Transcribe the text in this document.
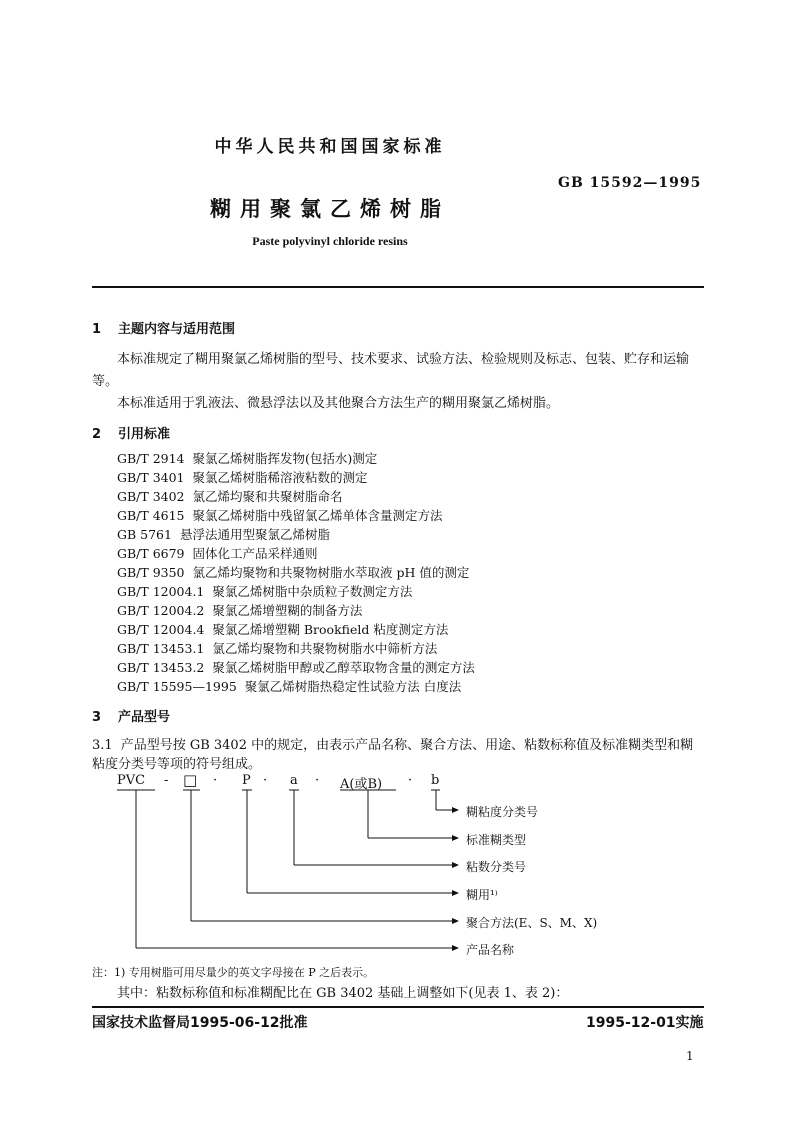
中华人民共和国国家标准
GB 15592—1995
糊用聚氯乙烯树脂
Paste polyvinyl chloride resins
1 主题内容与适用范围
本标准规定了糊用聚氯乙烯树脂的型号、技术要求、试验方法、检验规则及标志、包装、贮存和运输
等。
本标准适用于乳液法、微悬浮法以及其他聚合方法生产的糊用聚氯乙烯树脂。
2 引用标准
GB/T 2914 聚氯乙烯树脂挥发物(包括水)测定
GB/T 3401 聚氯乙烯树脂稀溶液粘数的测定
GB/T 3402 氯乙烯均聚和共聚树脂命名
GB/T 4615 聚氯乙烯树脂中残留氯乙烯单体含量测定方法
GB 5761 悬浮法通用型聚氯乙烯树脂
GB/T 6679 固体化工产品采样通则
GB/T 9350 氯乙烯均聚物和共聚物树脂水萃取液 pH 值的测定
GB/T 12004.1 聚氯乙烯树脂中杂质粒子数测定方法
GB/T 12004.2 聚氯乙烯增塑糊的制备方法
GB/T 12004.4 聚氯乙烯增塑糊 Brookfield 粘度测定方法
GB/T 13453.1 氯乙烯均聚物和共聚物树脂水中筛析方法
GB/T 13453.2 聚氯乙烯树脂甲醇或乙醇萃取物含量的测定方法
GB/T 15595—1995 聚氯乙烯树脂热稳定性试验方法 白度法
3 产品型号
3.1 产品型号按 GB 3402 中的规定，由表示产品名称、聚合方法、用途、粘数标称值及标准糊类型和糊
粘度分类号等项的符号组成。
PVC - □ · P · a · A(或B) · b
糊粘度分类号
标准糊类型
粘数分类号
糊用¹⁾
聚合方法(E、S、M、X)
产品名称
注：1) 专用树脂可用尽量少的英文字母接在 P 之后表示。
其中：粘数标称值和标准糊配比在 GB 3402 基础上调整如下(见表 1、表 2)：
国家技术监督局1995-06-12批准	1995-12-01实施
1
